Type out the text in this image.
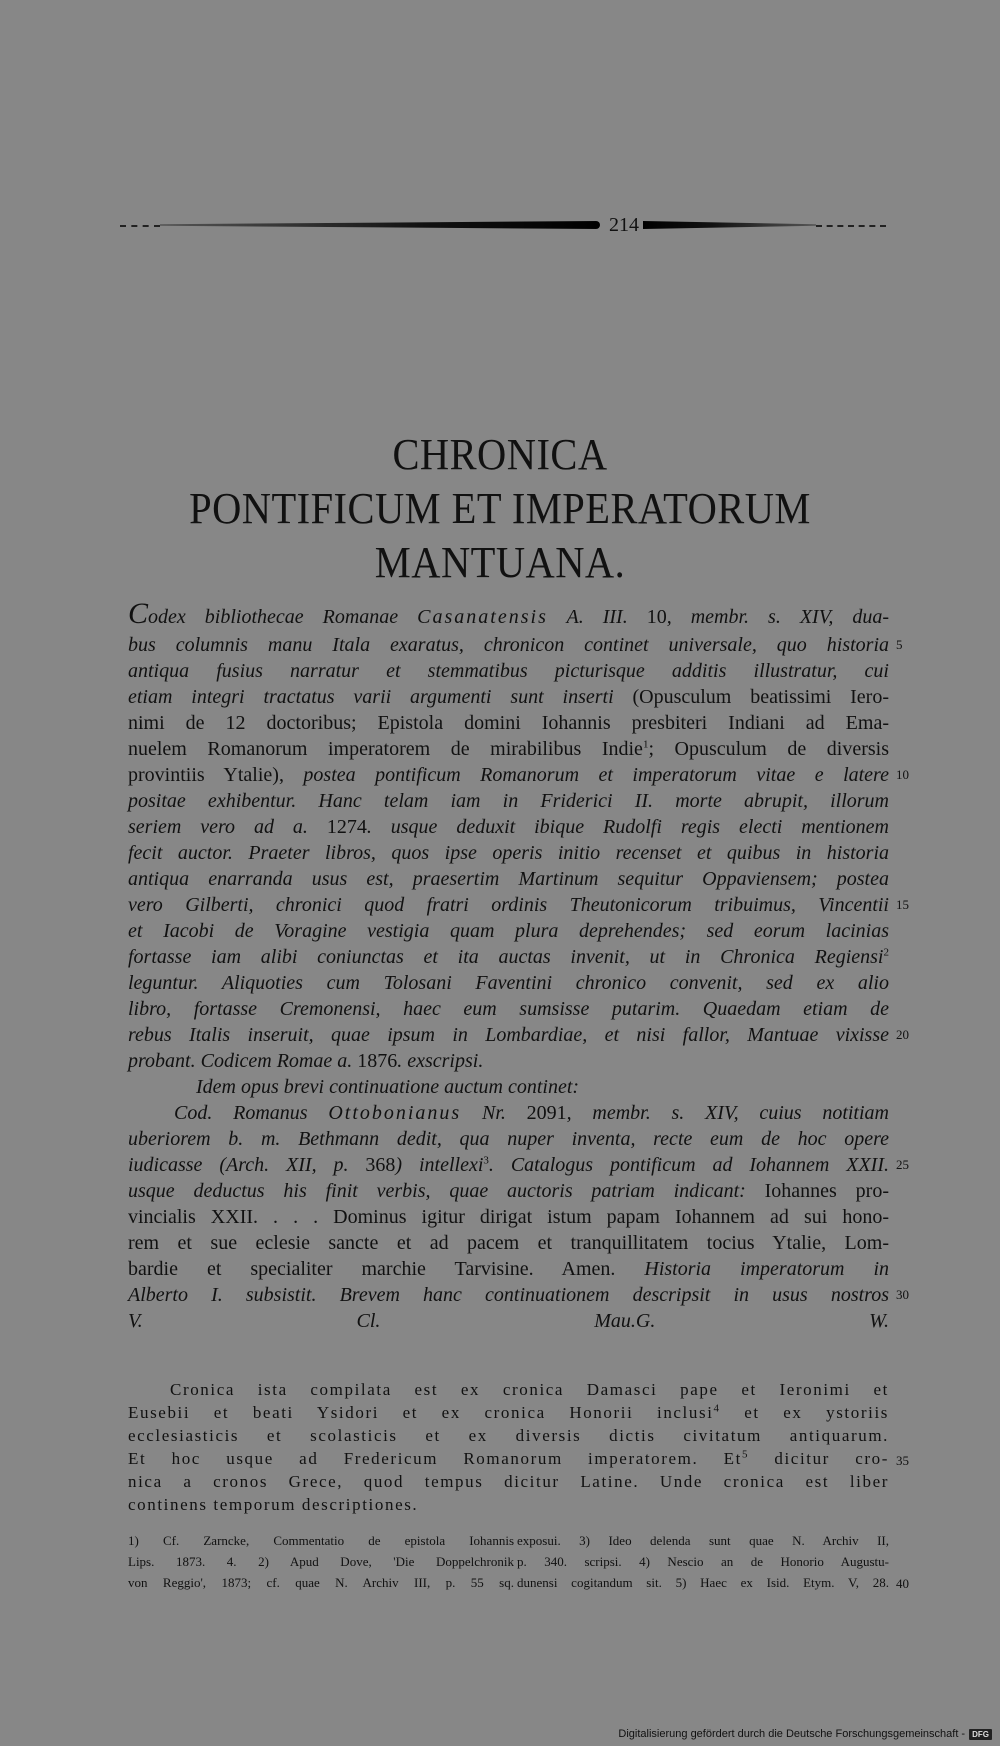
214
CHRONICA
PONTIFICUM ET IMPERATORUM
MANTUANA.
Codex bibliothecae Romanae Casanatensis A. III. 10, membr. s. XIV, dua-
bus columnis manu Itala exaratus, chronicon continet universale, quo historia
antiqua fusius narratur et stemmatibus picturisque additis illustratur, cui
etiam integri tractatus varii argumenti sunt inserti (Opusculum beatissimi Iero-
nimi de 12 doctoribus; Epistola domini Iohannis presbiteri Indiani ad Ema-
nuelem Romanorum imperatorem de mirabilibus Indie$^1$; Opusculum de diversis
provintiis Ytalie), postea pontificum Romanorum et imperatorum vitae e latere
positae exhibentur. Hanc telam iam in Friderici II. morte abrupit, illorum
seriem vero ad a. 1274. usque deduxit ibique Rudolfi regis electi mentionem
fecit auctor. Praeter libros, quos ipse operis initio recenset et quibus in historia
antiqua enarranda usus est, praesertim Martinum sequitur Oppaviensem; postea
vero Gilberti, chronici quod fratri ordinis Theutonicorum tribuimus, Vincentii
et Iacobi de Voragine vestigia quam plura deprehendes; sed eorum lacinias
fortasse iam alibi coniunctas et ita auctas invenit, ut in Chronica Regiensi$^2$
leguntur. Aliquoties cum Tolosani Faventini chronico convenit, sed ex alio
libro, fortasse Cremonensi, haec eum sumsisse putarim. Quaedam etiam de
rebus Italis inseruit, quae ipsum in Lombardiae, et nisi fallor, Mantuae vixisse
probant. Codicem Romae a. 1876. exscripsi.
Idem opus brevi continuatione auctum continet:
Cod. Romanus Ottobonianus Nr. 2091, membr. s. XIV, cuius notitiam
uberiorem b. m. Bethmann dedit, qua nuper inventa, recte eum de hoc opere
iudicasse (Arch. XII, p. 368) intellexi$^3$. Catalogus pontificum ad Iohannem XXII.
usque deductus his finit verbis, quae auctoris patriam indicant: Iohannes pro-
vincialis XXII. . . . Dominus igitur dirigat istum papam Iohannem ad sui hono-
rem et sue eclesie sancte et ad pacem et tranquillitatem tocius Ytalie, Lom-
bardie et specialiter marchie Tarvisine. Amen. Historia imperatorum in
Alberto I. subsistit. Brevem hanc continuationem descripsit in usus nostros
V. Cl. Mau.G. W.
5
10
15
20
25
30
35
40
Cronica ista compilata est ex cronica Damasci pape et Ieronimi et
Eusebii et beati Ysidori et ex cronica Honorii inclusi$^4$ et ex ystoriis
ecclesiasticis et scolasticis et ex diversis dictis civitatum antiquarum.
Et hoc usque ad Fredericum Romanorum imperatorem. Et$^5$ dicitur cro-
nica a cronos Grece, quod tempus dicitur Latine. Unde cronica est liber
continens temporum descriptiones.
1) Cf. Zarncke, Commentatio de epistola Iohannis
Lips. 1873. 4. 2) Apud Dove, 'Die Doppelchronik
von Reggio', 1873; cf. quae N. Archiv III, p. 55 sq.
exposui. 3) Ideo delenda sunt quae N. Archiv II,
p. 340. scripsi. 4) Nescio an de Honorio Augustu-
dunensi cogitandum sit. 5) Haec ex Isid. Etym. V, 28.
Digitalisierung gefördert durch die Deutsche Forschungsgemeinschaft - DFG
